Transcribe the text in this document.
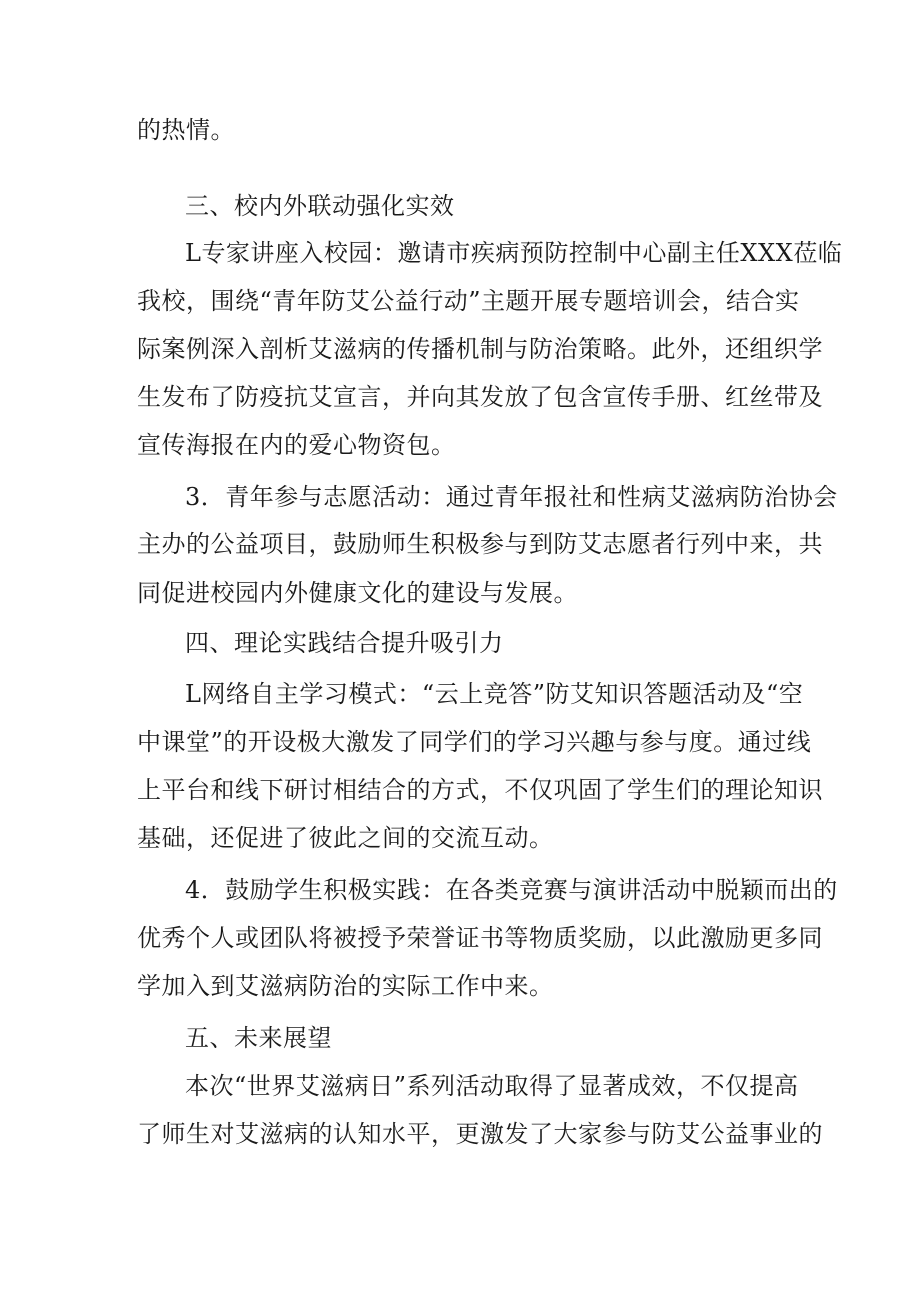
的热情。
三、校内外联动强化实效
L专家讲座入校园：邀请市疾病预防控制中心副主任XXX莅临
我校，围绕“青年防艾公益行动”主题开展专题培训会，结合实
际案例深入剖析艾滋病的传播机制与防治策略。此外，还组织学
生发布了防疫抗艾宣言，并向其发放了包含宣传手册、红丝带及
宣传海报在内的爱心物资包。
3．青年参与志愿活动：通过青年报社和性病艾滋病防治协会
主办的公益项目，鼓励师生积极参与到防艾志愿者行列中来，共
同促进校园内外健康文化的建设与发展。
四、理论实践结合提升吸引力
L网络自主学习模式：“云上竞答”防艾知识答题活动及“空
中课堂”的开设极大激发了同学们的学习兴趣与参与度。通过线
上平台和线下研讨相结合的方式，不仅巩固了学生们的理论知识
基础，还促进了彼此之间的交流互动。
4．鼓励学生积极实践：在各类竞赛与演讲活动中脱颖而出的
优秀个人或团队将被授予荣誉证书等物质奖励，以此激励更多同
学加入到艾滋病防治的实际工作中来。
五、未来展望
本次“世界艾滋病日”系列活动取得了显著成效，不仅提高
了师生对艾滋病的认知水平，更激发了大家参与防艾公益事业的
